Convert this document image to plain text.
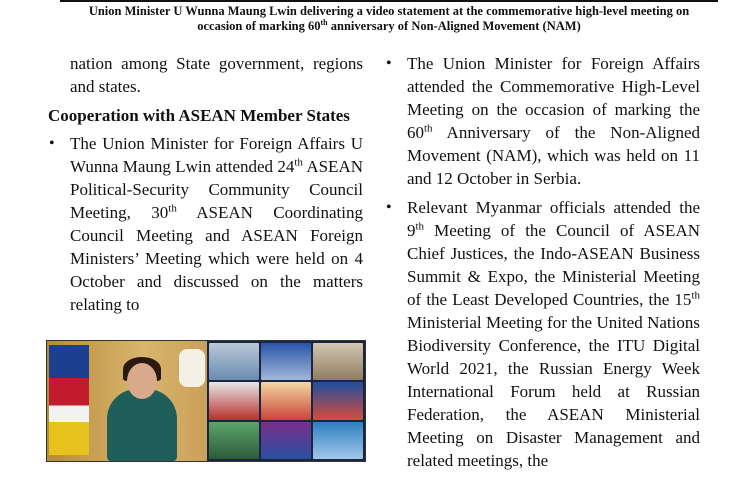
Union Minister U Wunna Maung Lwin delivering a video statement at the commemorative high-level meeting on
occasion of marking 60th anniversary of Non-Aligned Movement (NAM)

nation among State government, regions and states.

Cooperation with ASEAN Member States
• The Union Minister for Foreign Affairs U Wunna Maung Lwin attended 24th ASEAN Political-Security Community Council Meeting, 30th ASEAN Coordinating Council Meeting and ASEAN Foreign Ministers’ Meeting which were held on 4 October and discussed on the matters relating to

• The Union Minister for Foreign Affairs attended the Commemorative High-Level Meeting on the occasion of marking the 60th Anniversary of the Non-Aligned Movement (NAM), which was held on 11 and 12 October in Serbia.

• Relevant Myanmar officials attended the 9th Meeting of the Council of ASEAN Chief Justices, the Indo-ASEAN Business Summit & Expo, the Ministerial Meeting of the Least Developed Countries, the 15th Ministerial Meeting for the United Nations Biodiversity Conference, the ITU Digital World 2021, the Russian Energy Week International Forum held at Russian Federation, the ASEAN Ministerial Meeting on Disaster Management and related meetings, the
